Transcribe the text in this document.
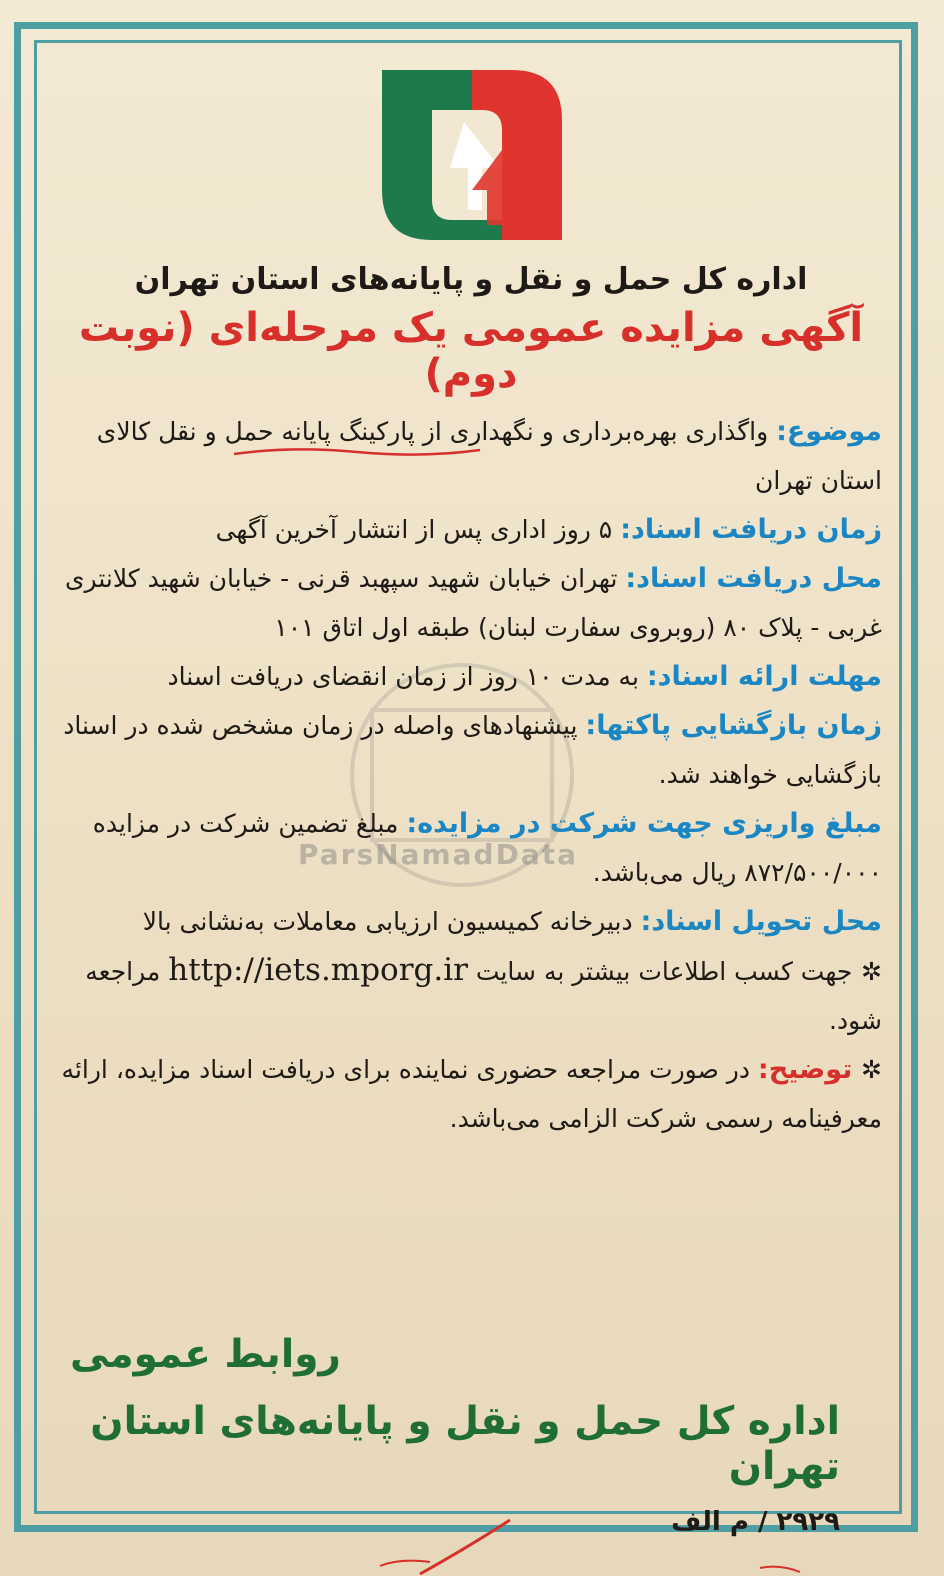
ParsNamadData

اداره کل حمل و نقل و پایانه‌های استان تهران

آگهی مزایده عمومی یک مرحله‌ای (نوبت دوم)

موضوع: واگذاری بهره‌برداری و نگهداری از پارکینگ پایانه حمل و نقل کالای استان تهران

زمان دریافت اسناد: ۵ روز اداری پس از انتشار آخرین آگهی

محل دریافت اسناد: تهران خیابان شهید سپهبد قرنی - خیابان شهید کلانتری غربی - پلاک ۸۰ (روبروی سفارت لبنان) طبقه اول اتاق ۱۰۱

مهلت ارائه اسناد: به مدت ۱۰ روز از زمان انقضای دریافت اسناد

زمان بازگشایی پاکتها: پیشنهادهای واصله در زمان مشخص شده در اسناد بازگشایی خواهند شد.

مبلغ واریزی جهت شرکت در مزایده: مبلغ تضمین شرکت در مزایده ۸۷۲/۵۰۰/۰۰۰ ریال می‌باشد.

محل تحویل اسناد: دبیرخانه کمیسیون ارزیابی معاملات به‌نشانی بالا

✲ جهت کسب اطلاعات بیشتر به سایت http://iets.mporg.ir مراجعه شود.

✲ توضیح: در صورت مراجعه حضوری نماینده برای دریافت اسناد مزایده، ارائه معرفینامه رسمی شرکت الزامی می‌باشد.

روابط عمومی

اداره کل حمل و نقل و پایانه‌های استان تهران

۲۹۲۹ / م الف
